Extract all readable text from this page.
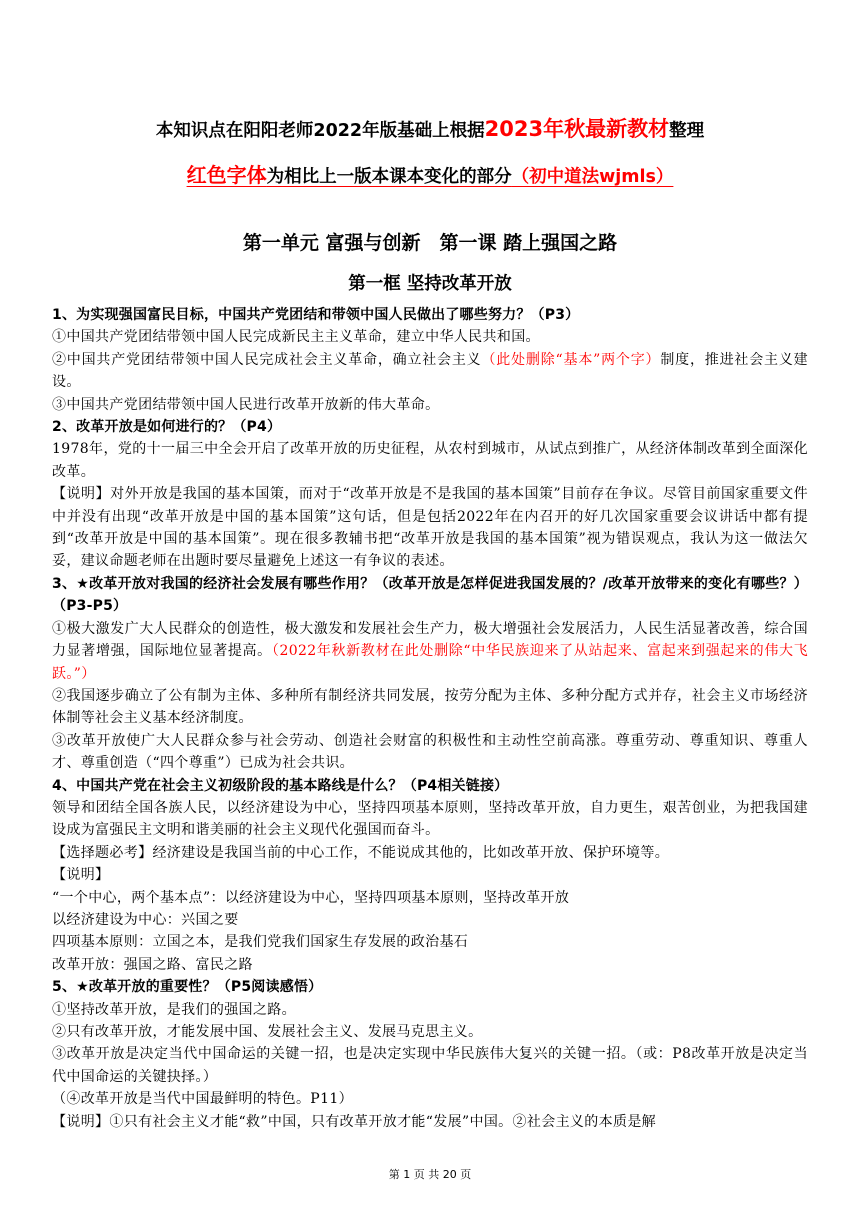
本知识点在阳阳老师2022年版基础上根据2023年秋最新教材整理
红色字体为相比上一版本课本变化的部分（初中道法wjmls）
第一单元 富强与创新　第一课 踏上强国之路
第一框 坚持改革开放

1、为实现强国富民目标，中国共产党团结和带领中国人民做出了哪些努力？（P3）

①中国共产党团结带领中国人民完成新民主主义革命，建立中华人民共和国。

②中国共产党团结带领中国人民完成社会主义革命，确立社会主义（此处删除“基本”两个字）制度，推进社会主义建设。

③中国共产党团结带领中国人民进行改革开放新的伟大革命。

2、改革开放是如何进行的？（P4）

1978年，党的十一届三中全会开启了改革开放的历史征程，从农村到城市，从试点到推广，从经济体制改革到全面深化改革。

【说明】对外开放是我国的基本国策，而对于“改革开放是不是我国的基本国策”目前存在争议。尽管目前国家重要文件中并没有出现“改革开放是中国的基本国策”这句话，但是包括2022年在内召开的好几次国家重要会议讲话中都有提到“改革开放是中国的基本国策”。现在很多教辅书把“改革开放是我国的基本国策”视为错误观点，我认为这一做法欠妥，建议命题老师在出题时要尽量避免上述这一有争议的表述。

3、★改革开放对我国的经济社会发展有哪些作用？（改革开放是怎样促进我国发展的？/改革开放带来的变化有哪些？）（P3-P5）

①极大激发广大人民群众的创造性，极大激发和发展社会生产力，极大增强社会发展活力，人民生活显著改善，综合国力显著增强，国际地位显著提高。（2022年秋新教材在此处删除“中华民族迎来了从站起来、富起来到强起来的伟大飞跃。”）

②我国逐步确立了公有制为主体、多种所有制经济共同发展，按劳分配为主体、多种分配方式并存，社会主义市场经济体制等社会主义基本经济制度。

③改革开放使广大人民群众参与社会劳动、创造社会财富的积极性和主动性空前高涨。尊重劳动、尊重知识、尊重人才、尊重创造（“四个尊重”）已成为社会共识。

4、中国共产党在社会主义初级阶段的基本路线是什么？（P4相关链接）

领导和团结全国各族人民，以经济建设为中心，坚持四项基本原则，坚持改革开放，自力更生，艰苦创业，为把我国建设成为富强民主文明和谐美丽的社会主义现代化强国而奋斗。

【选择题必考】经济建设是我国当前的中心工作，不能说成其他的，比如改革开放、保护环境等。

【说明】

“一个中心，两个基本点”：以经济建设为中心，坚持四项基本原则，坚持改革开放

以经济建设为中心：兴国之要

四项基本原则：立国之本，是我们党我们国家生存发展的政治基石

改革开放：强国之路、富民之路

5、★改革开放的重要性？（P5阅读感悟）

①坚持改革开放，是我们的强国之路。

②只有改革开放，才能发展中国、发展社会主义、发展马克思主义。

③改革开放是决定当代中国命运的关键一招，也是决定实现中华民族伟大复兴的关键一招。（或：P8改革开放是决定当代中国命运的关键抉择。）

（④改革开放是当代中国最鲜明的特色。P11）

【说明】①只有社会主义才能“救”中国，只有改革开放才能“发展”中国。②社会主义的本质是解

第 1 页 共 20 页
